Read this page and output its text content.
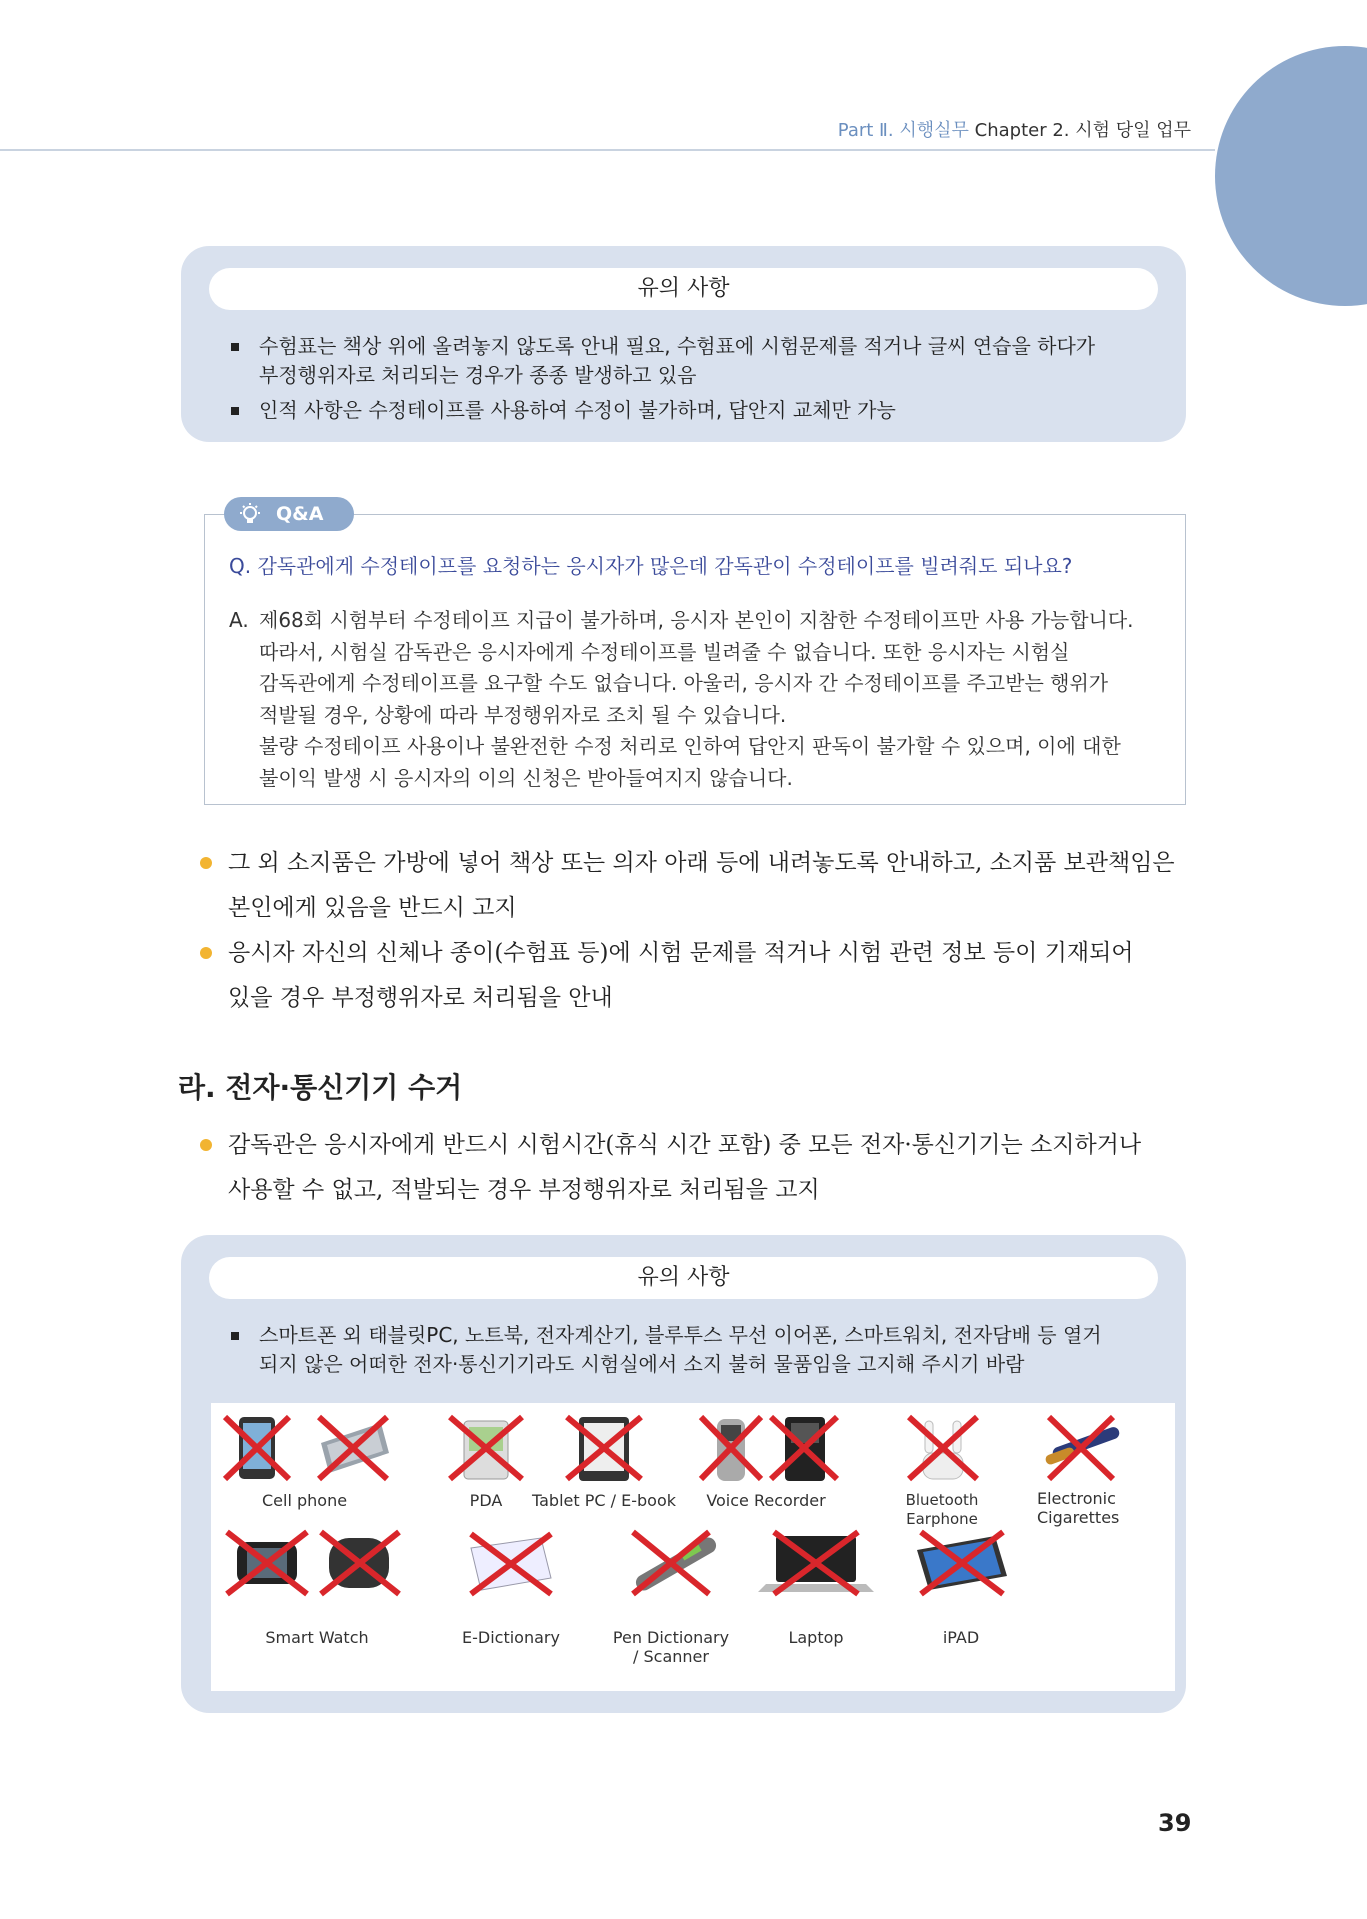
Part Ⅱ. 시행실무 Chapter 2. 시험 당일 업무
유의 사항
수험표는 책상 위에 올려놓지 않도록 안내 필요, 수험표에 시험문제를 적거나 글씨 연습을 하다가
부정행위자로 처리되는 경우가 종종 발생하고 있음
인적 사항은 수정테이프를 사용하여 수정이 불가하며, 답안지 교체만 가능
Q&A
Q. 감독관에게 수정테이프를 요청하는 응시자가 많은데 감독관이 수정테이프를 빌려줘도 되나요?
A. 제68회 시험부터 수정테이프 지급이 불가하며, 응시자 본인이 지참한 수정테이프만 사용 가능합니다.
따라서, 시험실 감독관은 응시자에게 수정테이프를 빌려줄 수 없습니다. 또한 응시자는 시험실
감독관에게 수정테이프를 요구할 수도 없습니다. 아울러, 응시자 간 수정테이프를 주고받는 행위가
적발될 경우, 상황에 따라 부정행위자로 조치 될 수 있습니다.
불량 수정테이프 사용이나 불완전한 수정 처리로 인하여 답안지 판독이 불가할 수 있으며, 이에 대한
불이익 발생 시 응시자의 이의 신청은 받아들여지지 않습니다.
그 외 소지품은 가방에 넣어 책상 또는 의자 아래 등에 내려놓도록 안내하고, 소지품 보관책임은
본인에게 있음을 반드시 고지
응시자 자신의 신체나 종이(수험표 등)에 시험 문제를 적거나 시험 관련 정보 등이 기재되어
있을 경우 부정행위자로 처리됨을 안내
라. 전자·통신기기 수거
감독관은 응시자에게 반드시 시험시간(휴식 시간 포함) 중 모든 전자·통신기기는 소지하거나
사용할 수 없고, 적발되는 경우 부정행위자로 처리됨을 고지
유의 사항
스마트폰 외 태블릿PC, 노트북, 전자계산기, 블루투스 무선 이어폰, 스마트워치, 전자담배 등 열거
되지 않은 어떠한 전자·통신기기라도 시험실에서 소지 불허 물품임을 고지해 주시기 바람
Cell phone	PDA	Tablet PC / E-book	Voice Recorder	Bluetooth Earphone
Electronic Cigarettes
Smart Watch	E-Dictionary	Pen Dictionary / Scanner
Laptop	iPAD
39
